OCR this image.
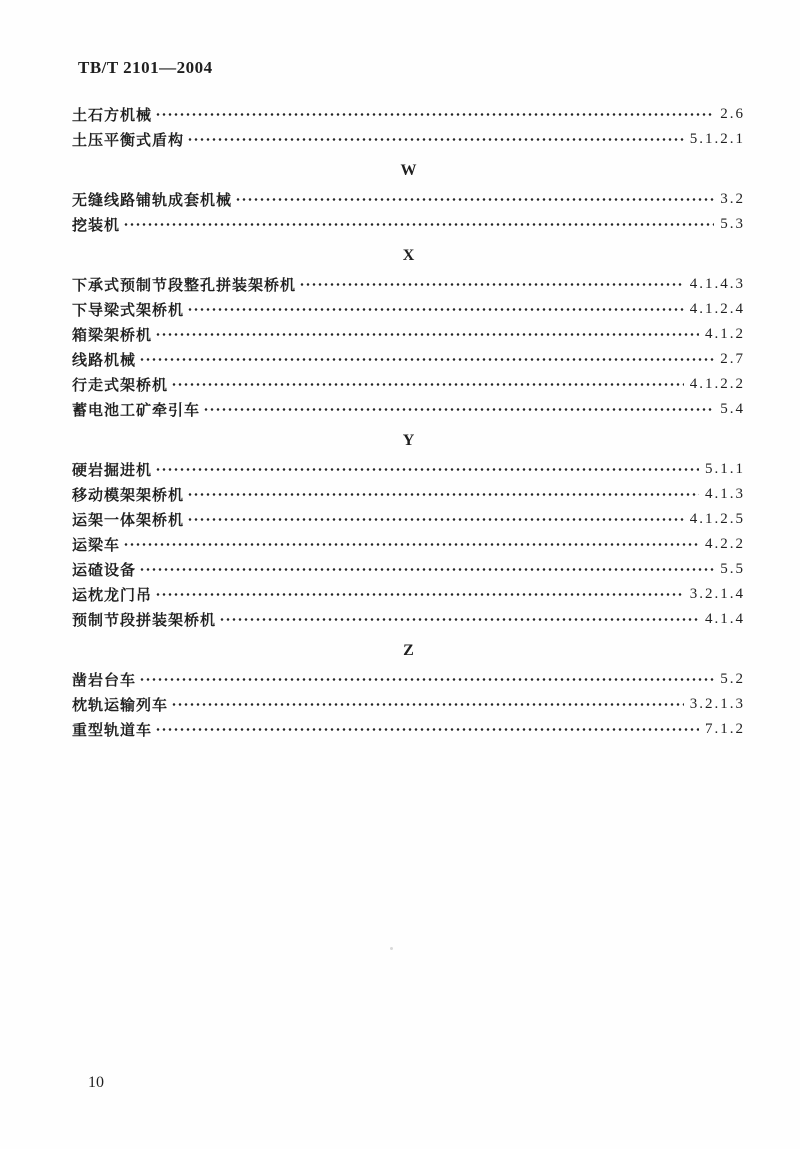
TB/T 2101—2004
土石方机械	2.6
土压平衡式盾构	5.1.2.1
W
无缝线路铺轨成套机械	3.2
挖装机	5.3
X
下承式预制节段整孔拼装架桥机	4.1.4.3
下导梁式架桥机	4.1.2.4
箱梁架桥机	4.1.2
线路机械	2.7
行走式架桥机	4.1.2.2
蓄电池工矿牵引车	5.4
Y
硬岩掘进机	5.1.1
移动模架架桥机	4.1.3
运架一体架桥机	4.1.2.5
运梁车	4.2.2
运碴设备	5.5
运枕龙门吊	3.2.1.4
预制节段拼装架桥机	4.1.4
Z
凿岩台车	5.2
枕轨运输列车	3.2.1.3
重型轨道车	7.1.2
10
